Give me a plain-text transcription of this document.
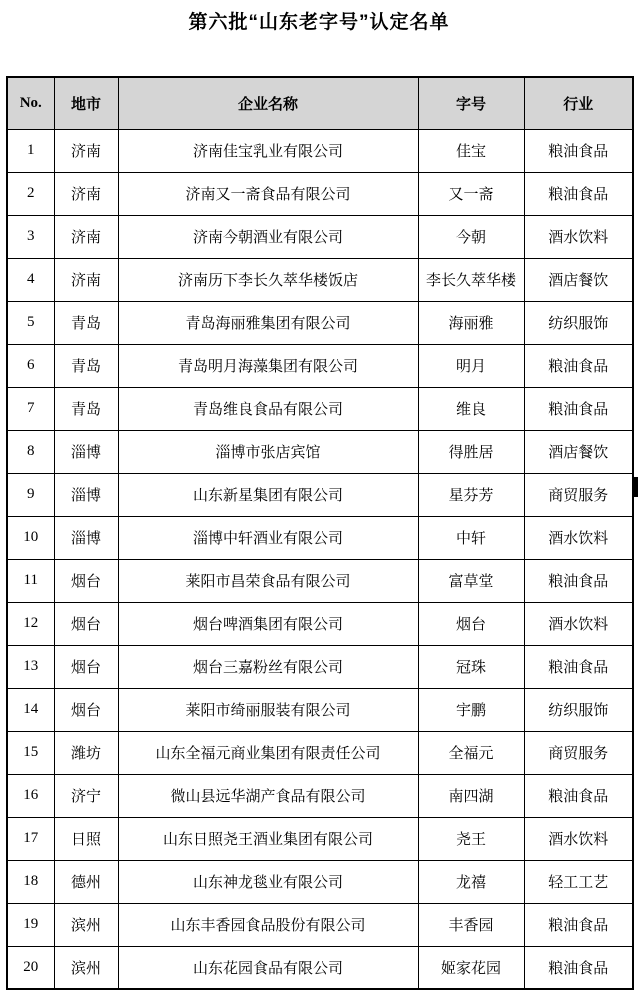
第六批“山东老字号”认定名单
No.	地市	企业名称	字号	行业
1	济南	济南佳宝乳业有限公司	佳宝	粮油食品
2	济南	济南又一斋食品有限公司	又一斋	粮油食品
3	济南	济南今朝酒业有限公司	今朝	酒水饮料
4	济南	济南历下李长久萃华楼饭店	李长久萃华楼	酒店餐饮
5	青岛	青岛海丽雅集团有限公司	海丽雅	纺织服饰
6	青岛	青岛明月海藻集团有限公司	明月	粮油食品
7	青岛	青岛维良食品有限公司	维良	粮油食品
8	淄博	淄博市张店宾馆	得胜居	酒店餐饮
9	淄博	山东新星集团有限公司	星芬芳	商贸服务
10	淄博	淄博中轩酒业有限公司	中轩	酒水饮料
11	烟台	莱阳市昌荣食品有限公司	富草堂	粮油食品
12	烟台	烟台啤酒集团有限公司	烟台	酒水饮料
13	烟台	烟台三嘉粉丝有限公司	冠珠	粮油食品
14	烟台	莱阳市绮丽服装有限公司	宇鹏	纺织服饰
15	潍坊	山东全福元商业集团有限责任公司	全福元	商贸服务
16	济宁	微山县远华湖产食品有限公司	南四湖	粮油食品
17	日照	山东日照尧王酒业集团有限公司	尧王	酒水饮料
18	德州	山东神龙毯业有限公司	龙禧	轻工工艺
19	滨州	山东丰香园食品股份有限公司	丰香园	粮油食品
20	滨州	山东花园食品有限公司	姬家花园	粮油食品
